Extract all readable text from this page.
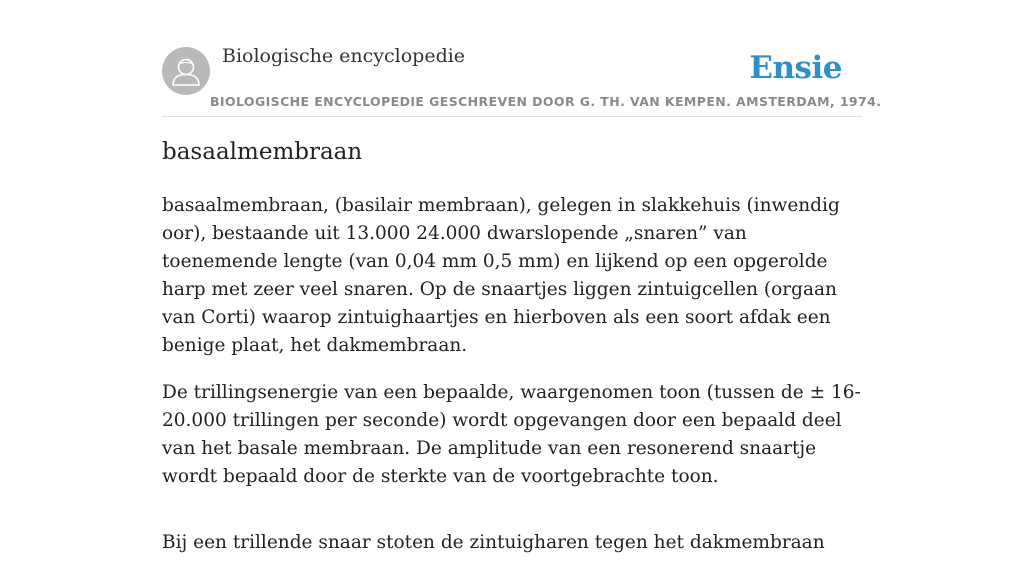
Biologische encyclopedie
BIOLOGISCHE ENCYCLOPEDIE GESCHREVEN DOOR G. TH. VAN KEMPEN. AMSTERDAM, 1974.
Ensie
basaalmembraan

basaalmembraan, (basilair membraan), gelegen in slakkehuis (inwendig oor), bestaande uit 13.000 24.000 dwarslopende „snaren” van toenemende lengte (van 0,04 mm 0,5 mm) en lijkend op een opgerolde harp met zeer veel snaren. Op de snaartjes liggen zintuigcellen (orgaan van Corti) waarop zintuighaartjes en hierboven als een soort afdak een benige plaat, het dakmembraan.

De trillingsenergie van een bepaalde, waargenomen toon (tussen de ± 16-20.000 trillingen per seconde) wordt opgevangen door een bepaald deel van het basale membraan. De amplitude van een resonerend snaartje wordt bepaald door de sterkte van de voortgebrachte toon.

Bij een trillende snaar stoten de zintuigharen tegen het dakmembraan
